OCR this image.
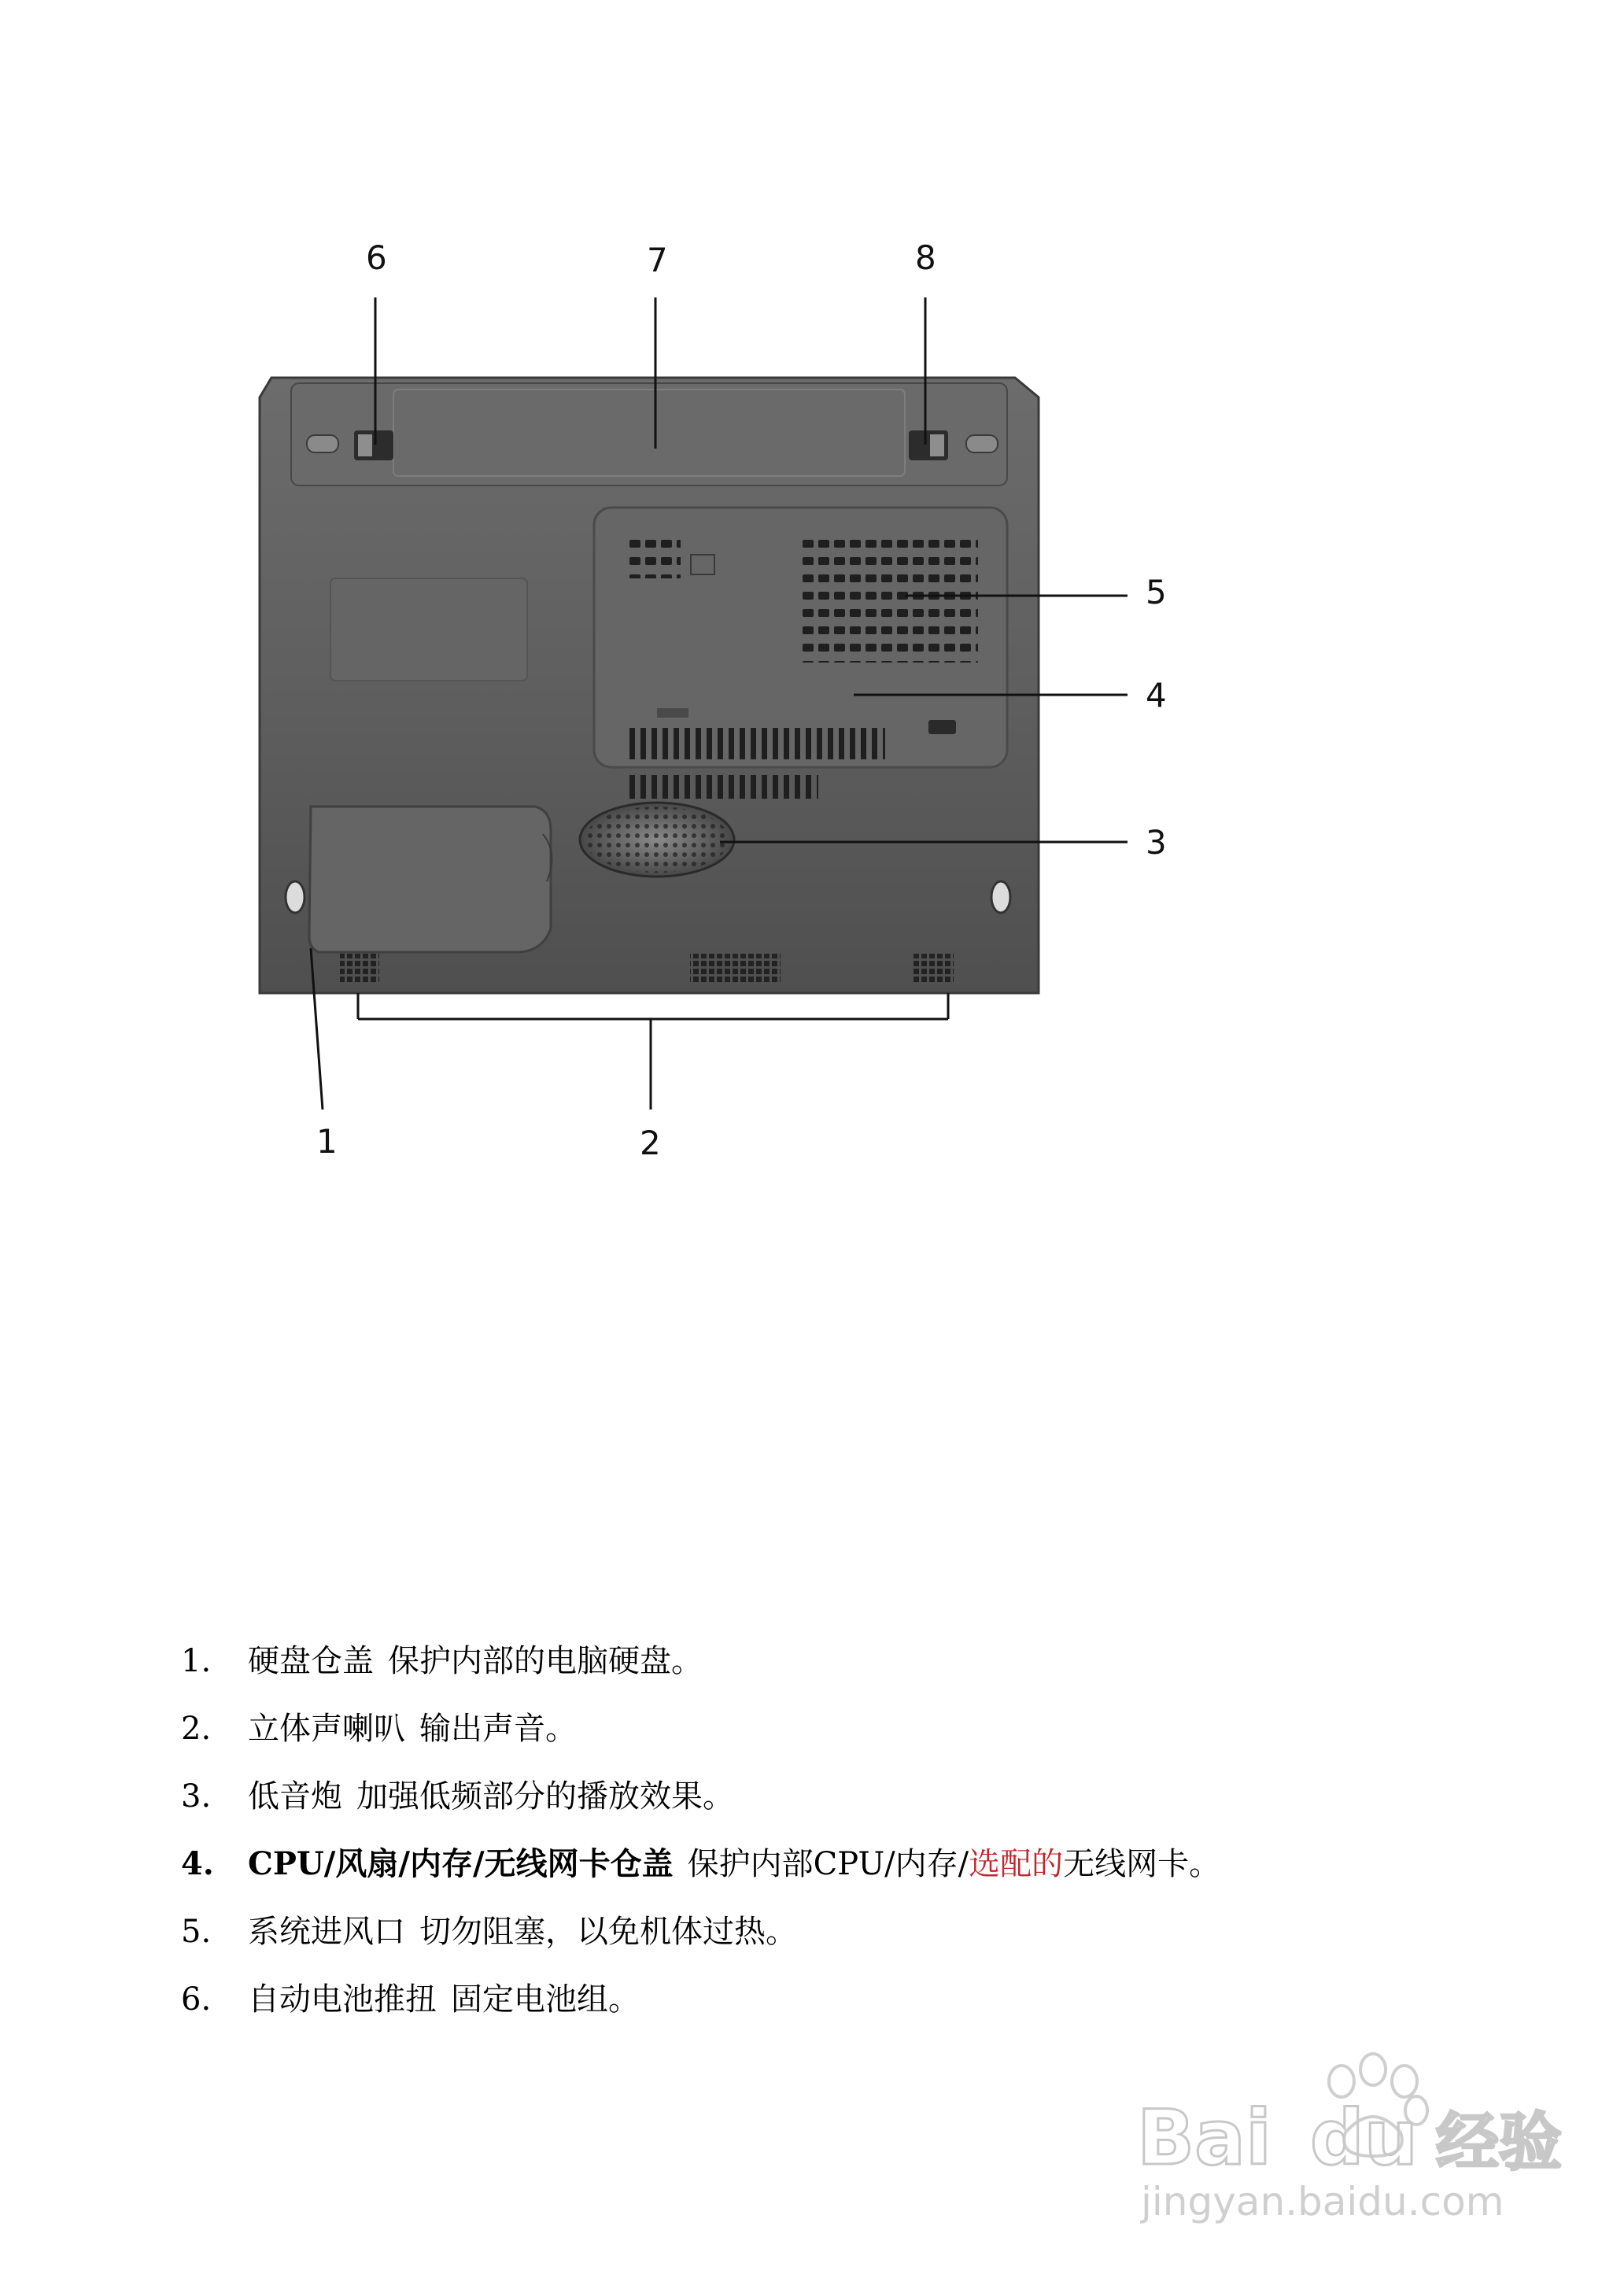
6	7	8
5
4
3
1	2
1.	硬盘仓盖 保护内部的电脑硬盘。
2.	立体声喇叭 输出声音。
3.	低音炮 加强低频部分的播放效果。
4.	CPU/风扇/内存/无线网卡仓盖 保护内部CPU/内存/选配的无线网卡。
5.	系统进风口 切勿阻塞，以免机体过热。
6.	自动电池推扭 固定电池组。
Bai du 经验
jingyan.baidu.com
